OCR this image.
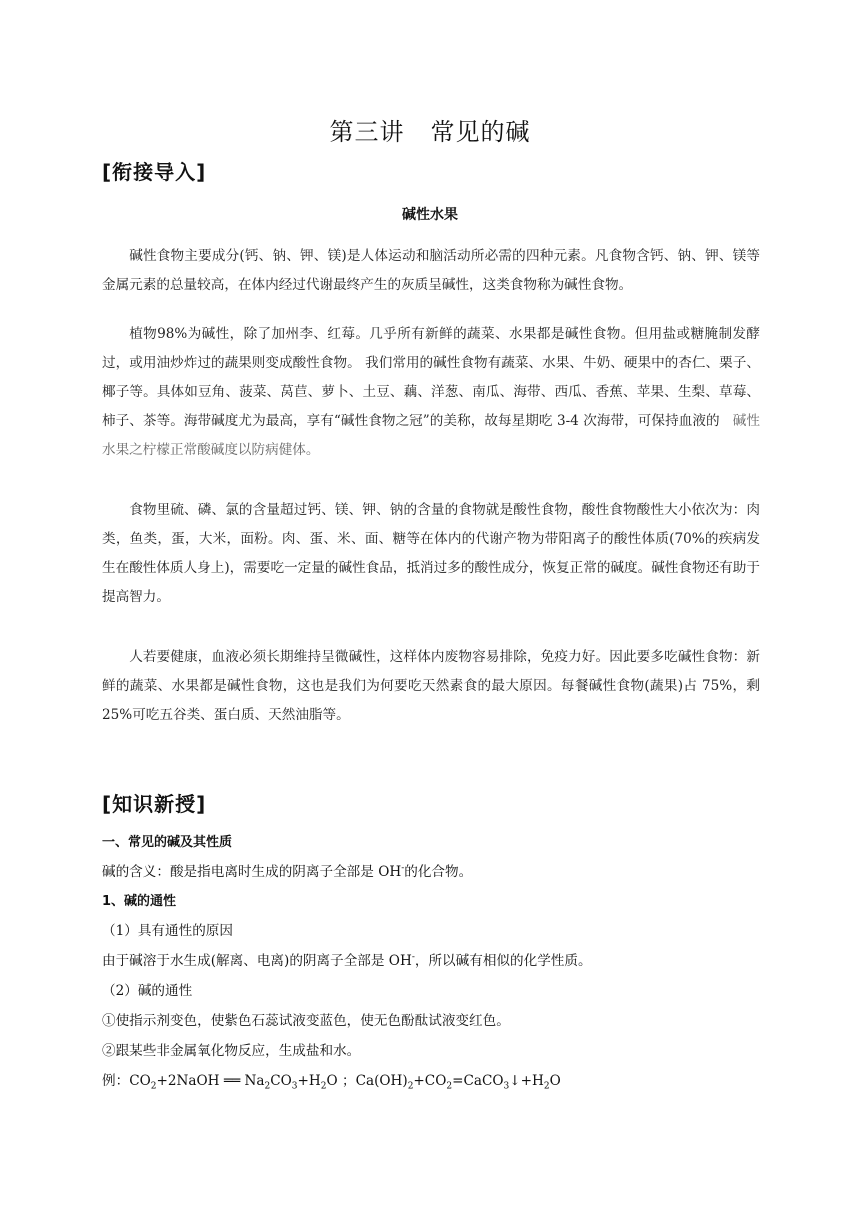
第三讲 常见的碱
[衔接导入]
碱性水果
碱性食物主要成分(钙、钠、钾、镁)是人体运动和脑活动所必需的四种元素。凡食物含钙、钠、钾、镁等金属元素的总量较高，在体内经过代谢最终产生的灰质呈碱性，这类食物称为碱性食物。
植物98%为碱性，除了加州李、红莓。几乎所有新鲜的蔬菜、水果都是碱性食物。但用盐或糖腌制发酵过，或用油炒炸过的蔬果则变成酸性食物。 我们常用的碱性食物有蔬菜、水果、牛奶、硬果中的杏仁、栗子、椰子等。具体如豆角、菠菜、莴苣、萝卜、土豆、藕、洋葱、南瓜、海带、西瓜、香蕉、苹果、生梨、草莓、柿子、茶等。海带碱度尤为最高，享有“碱性食物之冠”的美称，故每星期吃 3-4 次海带，可保持血液的 碱性水果之柠檬正常酸碱度以防病健体。
食物里硫、磷、氯的含量超过钙、镁、钾、钠的含量的食物就是酸性食物，酸性食物酸性大小依次为：肉类，鱼类，蛋，大米，面粉。肉、蛋、米、面、糖等在体内的代谢产物为带阳离子的酸性体质(70%的疾病发生在酸性体质人身上)，需要吃一定量的碱性食品，抵消过多的酸性成分，恢复正常的碱度。碱性食物还有助于提高智力。
人若要健康，血液必须长期维持呈微碱性，这样体内废物容易排除，免疫力好。因此要多吃碱性食物：新鲜的蔬菜、水果都是碱性食物，这也是我们为何要吃天然素食的最大原因。每餐碱性食物(蔬果)占 75%，剩 25%可吃五谷类、蛋白质、天然油脂等。
[知识新授]
一、常见的碱及其性质
碱的含义：酸是指电离时生成的阴离子全部是 OH-的化合物。
1、碱的通性
（1）具有通性的原因
由于碱溶于水生成(解离、电离)的阴离子全部是 OH-，所以碱有相似的化学性质。
（2）碱的通性
①使指示剂变色，使紫色石蕊试液变蓝色，使无色酚酞试液变红色。
②跟某些非金属氧化物反应，生成盐和水。
例：$CO_2+2NaOH$ ══ $Na_2CO_3+H_2O$ ；$Ca(OH)_2+CO_2=CaCO_3↓+H_2O$
